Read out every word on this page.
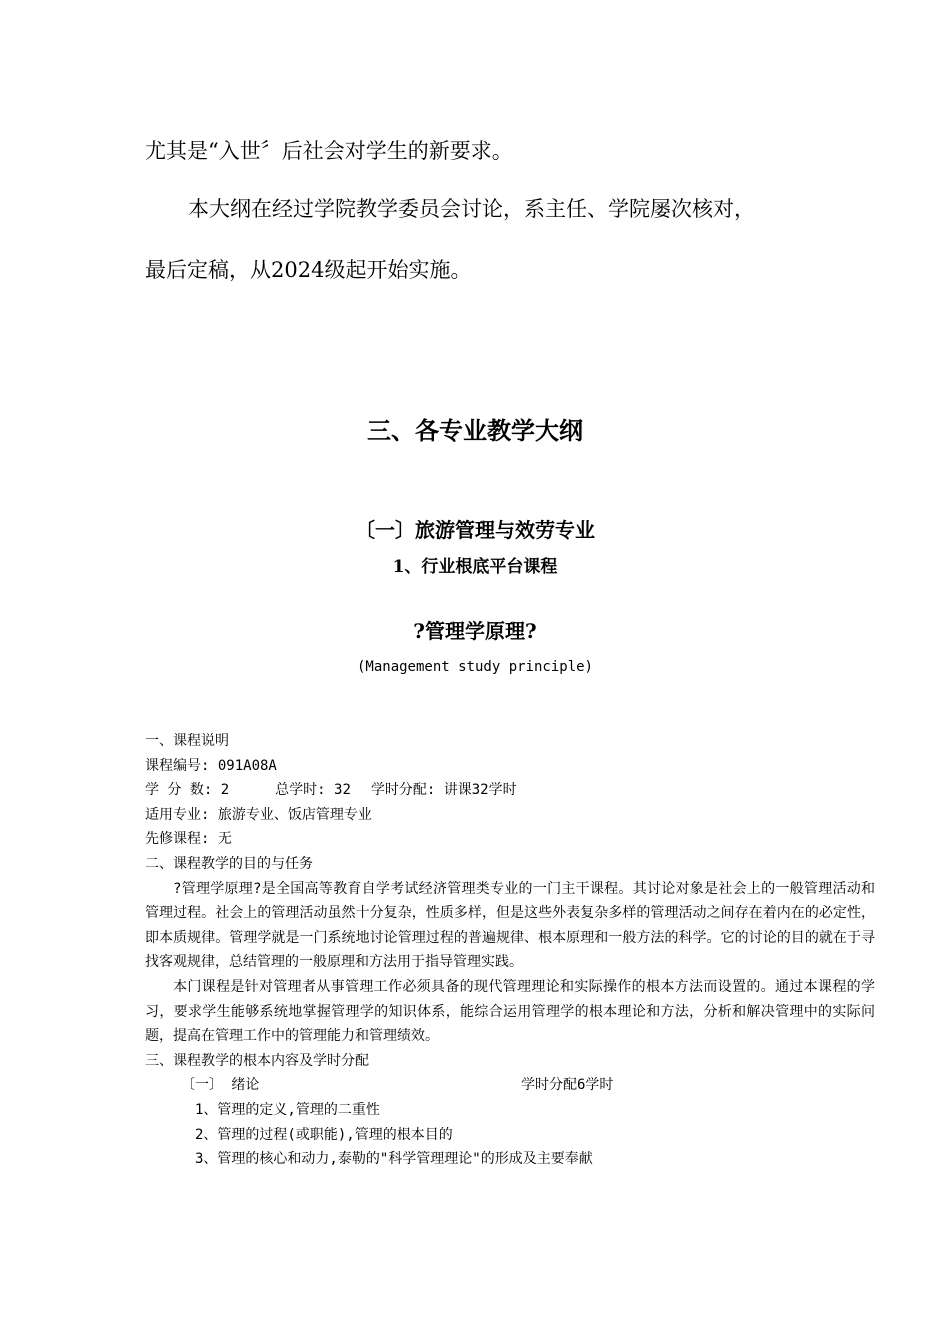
尤其是“入世〞后社会对学生的新要求。
本大纲在经过学院教学委员会讨论，系主任、学院屡次核对，
最后定稿，从2024级起开始实施。
三、各专业教学大纲
〔一〕旅游管理与效劳专业
1、行业根底平台课程
?管理学原理?
(Management study principle)
一、课程说明
课程编号: 091A08A
学 分 数: 2	总学时: 32 学时分配: 讲课32学时
适用专业: 旅游专业、饭店管理专业
先修课程: 无
二、课程教学的目的与任务
?管理学原理?是全国高等教育自学考试经济管理类专业的一门主干课程。其讨论对象是社会上的一般管理活动和管理过程。社会上的管理活动虽然十分复杂，性质多样，但是这些外表复杂多样的管理活动之间存在着内在的必定性，即本质规律。管理学就是一门系统地讨论管理过程的普遍规律、根本原理和一般方法的科学。它的讨论的目的就在于寻找客观规律，总结管理的一般原理和方法用于指导管理实践。
本门课程是针对管理者从事管理工作必须具备的现代管理理论和实际操作的根本方法而设置的。通过本课程的学习，要求学生能够系统地掌握管理学的知识体系，能综合运用管理学的根本理论和方法，分析和解决管理中的实际问题，提高在管理工作中的管理能力和管理绩效。
三、课程教学的根本内容及学时分配
〔一〕 绪论	学时分配6学时
1、管理的定义,管理的二重性
2、管理的过程(或职能),管理的根本目的
3、管理的核心和动力,泰勒的"科学管理理论"的形成及主要奉献
